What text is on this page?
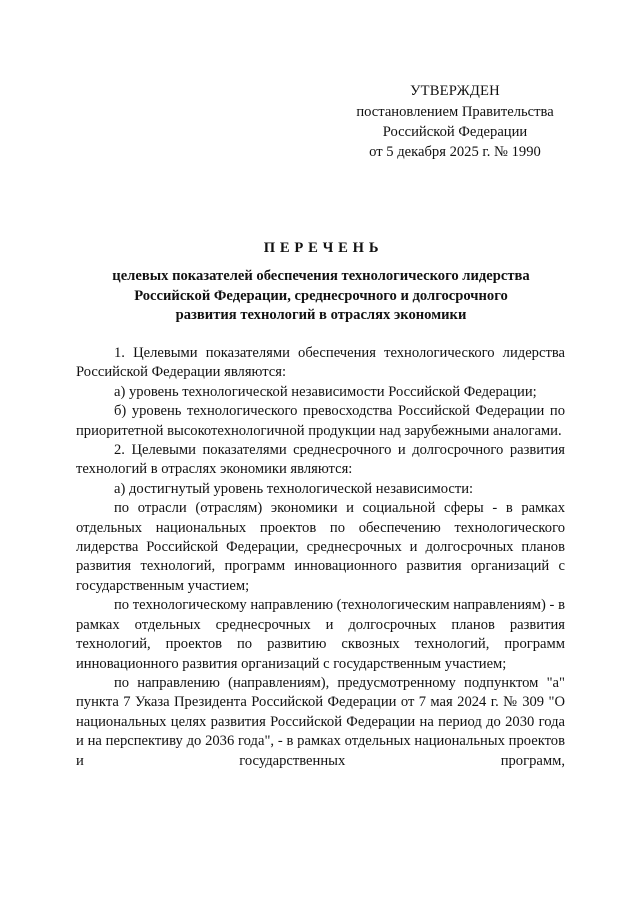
УТВЕРЖДЕН
постановлением Правительства
Российской Федерации
от 5 декабря 2025 г. № 1990
ПЕРЕЧЕНЬ
целевых показателей обеспечения технологического лидерства
Российской Федерации, среднесрочного и долгосрочного
развития технологий в отраслях экономики

1. Целевыми показателями обеспечения технологического лидерства Российской Федерации являются:

а) уровень технологической независимости Российской Федерации;

б) уровень технологического превосходства Российской Федерации по приоритетной высокотехнологичной продукции над зарубежными аналогами.

2. Целевыми показателями среднесрочного и долгосрочного развития технологий в отраслях экономики являются:

а) достигнутый уровень технологической независимости:

по отрасли (отраслям) экономики и социальной сферы - в рамках отдельных национальных проектов по обеспечению технологического лидерства Российской Федерации, среднесрочных и долгосрочных планов развития технологий, программ инновационного развития организаций с государственным участием;

по технологическому направлению (технологическим направлениям) - в рамках отдельных среднесрочных и долгосрочных планов развития технологий, проектов по развитию сквозных технологий, программ инновационного развития организаций с государственным участием;

по направлению (направлениям), предусмотренному подпунктом "а" пункта 7 Указа Президента Российской Федерации от 7 мая 2024 г. № 309 "О национальных целях развития Российской Федерации на период до 2030 года и на перспективу до 2036 года", - в рамках отдельных национальных проектов и государственных программ,
